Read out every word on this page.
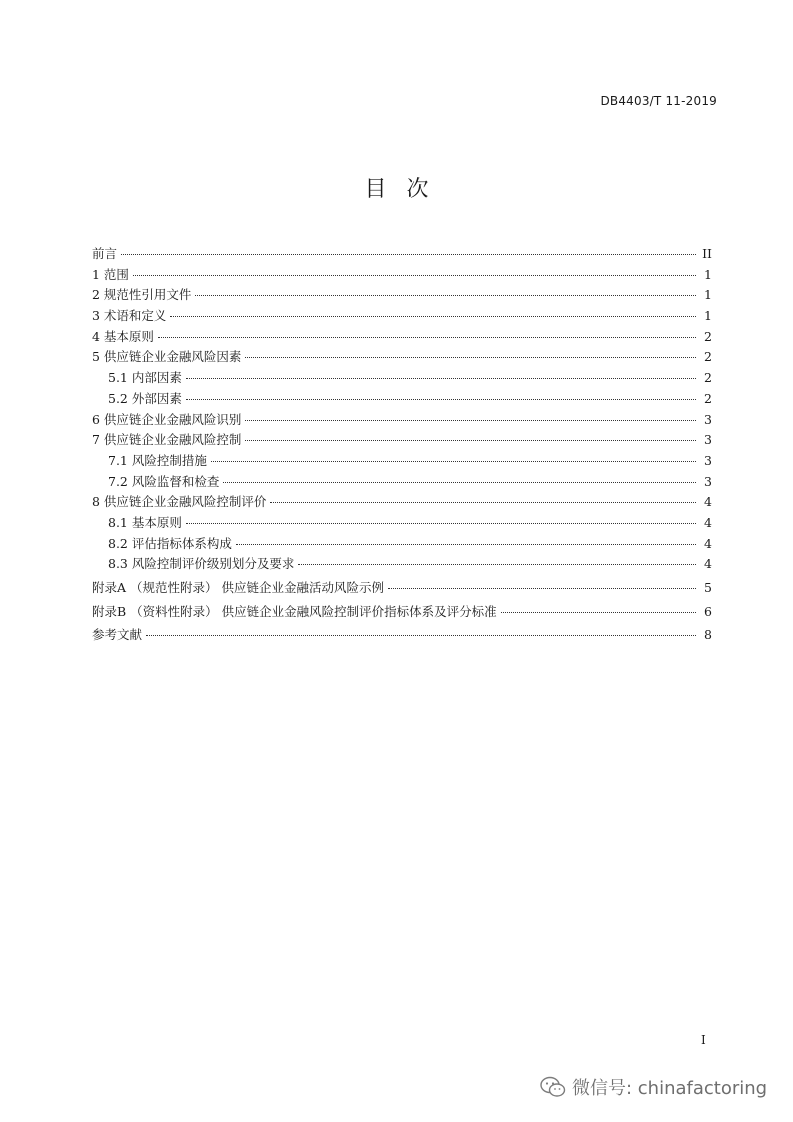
DB4403/T 11-2019
目次
前言	II
1 范围	1
2 规范性引用文件	1
3 术语和定义	1
4 基本原则	2
5 供应链企业金融风险因素	2
5.1 内部因素	2
5.2 外部因素	2
6 供应链企业金融风险识别	3
7 供应链企业金融风险控制	3
7.1 风险控制措施	3
7.2 风险监督和检查	3
8 供应链企业金融风险控制评价	4
8.1 基本原则	4
8.2 评估指标体系构成	4
8.3 风险控制评价级别划分及要求	4
附录A （规范性附录） 供应链企业金融活动风险示例	5
附录B （资料性附录） 供应链企业金融风险控制评价指标体系及评分标准	6
参考文献	8
I
微信号: chinafactoring
